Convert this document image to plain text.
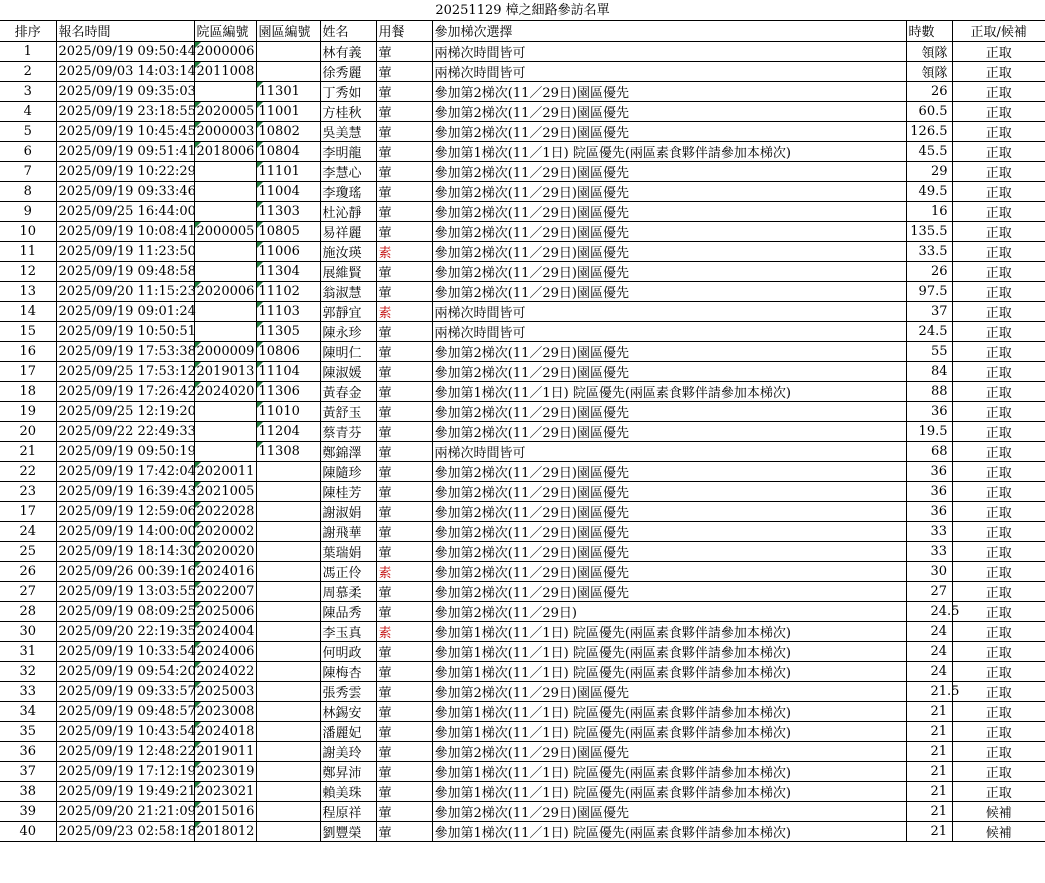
20251129 樟之細路參訪名單
排序	報名時間	院區編號	園區編號	姓名	用餐	參加梯次選擇	時數	正取/候補
1	2025/09/19 09:50:44	2000006		林有義	葷	兩梯次時間皆可	領隊	正取
2	2025/09/03 14:03:14	2011008		徐秀麗	葷	兩梯次時間皆可	領隊	正取
3	2025/09/19 09:35:03		11301	丁秀如	葷	參加第2梯次(11／29日)園區優先	26	正取
4	2025/09/19 23:18:55	2020005	11001	方桂秋	葷	參加第2梯次(11／29日)園區優先	60.5	正取
5	2025/09/19 10:45:45	2000003	10802	吳美慧	葷	參加第2梯次(11／29日)園區優先	126.5	正取
6	2025/09/19 09:51:41	2018006	10804	李明龍	葷	參加第1梯次(11／1日) 院區優先(兩區素食夥伴請參加本梯次)	45.5	正取
7	2025/09/19 10:22:29		11101	李慧心	葷	參加第2梯次(11／29日)園區優先	29	正取
8	2025/09/19 09:33:46		11004	李瓊瑤	葷	參加第2梯次(11／29日)園區優先	49.5	正取
9	2025/09/25 16:44:00		11303	杜沁靜	葷	參加第2梯次(11／29日)園區優先	16	正取
10	2025/09/19 10:08:41	2000005	10805	易祥麗	葷	參加第2梯次(11／29日)園區優先	135.5	正取
11	2025/09/19 11:23:50		11006	施汝瑛	素	參加第2梯次(11／29日)園區優先	33.5	正取
12	2025/09/19 09:48:58		11304	展維賢	葷	參加第2梯次(11／29日)園區優先	26	正取
13	2025/09/20 11:15:23	2020006	11102	翁淑慧	葷	參加第2梯次(11／29日)園區優先	97.5	正取
14	2025/09/19 09:01:24		11103	郭靜宜	素	兩梯次時間皆可	37	正取
15	2025/09/19 10:50:51		11305	陳永珍	葷	兩梯次時間皆可	24.5	正取
16	2025/09/19 17:53:38	2000009	10806	陳明仁	葷	參加第2梯次(11／29日)園區優先	55	正取
17	2025/09/25 17:53:12	2019013	11104	陳淑媛	葷	參加第2梯次(11／29日)園區優先	84	正取
18	2025/09/19 17:26:42	2024020	11306	黃春金	葷	參加第1梯次(11／1日) 院區優先(兩區素食夥伴請參加本梯次)	88	正取
19	2025/09/25 12:19:20		11010	黃舒玉	葷	參加第2梯次(11／29日)園區優先	36	正取
20	2025/09/22 22:49:33		11204	蔡青芬	葷	參加第2梯次(11／29日)園區優先	19.5	正取
21	2025/09/19 09:50:19		11308	鄭錦澤	葷	兩梯次時間皆可	68	正取
22	2025/09/19 17:42:04	2020011		陳隨珍	葷	參加第2梯次(11／29日)園區優先	36	正取
23	2025/09/19 16:39:43	2021005		陳桂芳	葷	參加第2梯次(11／29日)園區優先	36	正取
17	2025/09/19 12:59:06	2022028		謝淑娟	葷	參加第2梯次(11／29日)園區優先	36	正取
24	2025/09/19 14:00:00	2020002		謝飛華	葷	參加第2梯次(11／29日)園區優先	33	正取
25	2025/09/19 18:14:30	2020020		葉瑞娟	葷	參加第2梯次(11／29日)園區優先	33	正取
26	2025/09/26 00:39:16	2024016		馮正伶	素	參加第2梯次(11／29日)園區優先	30	正取
27	2025/09/19 13:03:55	2022007		周慕柔	葷	參加第2梯次(11／29日)園區優先	27	正取
28	2025/09/19 08:09:25	2025006		陳品秀	葷	參加第2梯次(11／29日)	24.5	正取
30	2025/09/20 22:19:35	2024004		李玉真	素	參加第1梯次(11／1日) 院區優先(兩區素食夥伴請參加本梯次)	24	正取
31	2025/09/19 10:33:54	2024006		何明政	葷	參加第1梯次(11／1日) 院區優先(兩區素食夥伴請參加本梯次)	24	正取
32	2025/09/19 09:54:20	2024022		陳梅杏	葷	參加第1梯次(11／1日) 院區優先(兩區素食夥伴請參加本梯次)	24	正取
33	2025/09/19 09:33:57	2025003		張秀雲	葷	參加第2梯次(11／29日)園區優先	21.5	正取
34	2025/09/19 09:48:57	2023008		林錫安	葷	參加第1梯次(11／1日) 院區優先(兩區素食夥伴請參加本梯次)	21	正取
35	2025/09/19 10:43:54	2024018		潘麗妃	葷	參加第1梯次(11／1日) 院區優先(兩區素食夥伴請參加本梯次)	21	正取
36	2025/09/19 12:48:22	2019011		謝美玲	葷	參加第2梯次(11／29日)園區優先	21	正取
37	2025/09/19 17:12:19	2023019		鄭昇沛	葷	參加第1梯次(11／1日) 院區優先(兩區素食夥伴請參加本梯次)	21	正取
38	2025/09/19 19:49:21	2023021		賴美珠	葷	參加第1梯次(11／1日) 院區優先(兩區素食夥伴請參加本梯次)	21	正取
39	2025/09/20 21:21:09	2015016		程原祥	葷	參加第2梯次(11／29日)園區優先	21	候補
40	2025/09/23 02:58:18	2018012		劉豐榮	葷	參加第1梯次(11／1日) 院區優先(兩區素食夥伴請參加本梯次)	21	候補
